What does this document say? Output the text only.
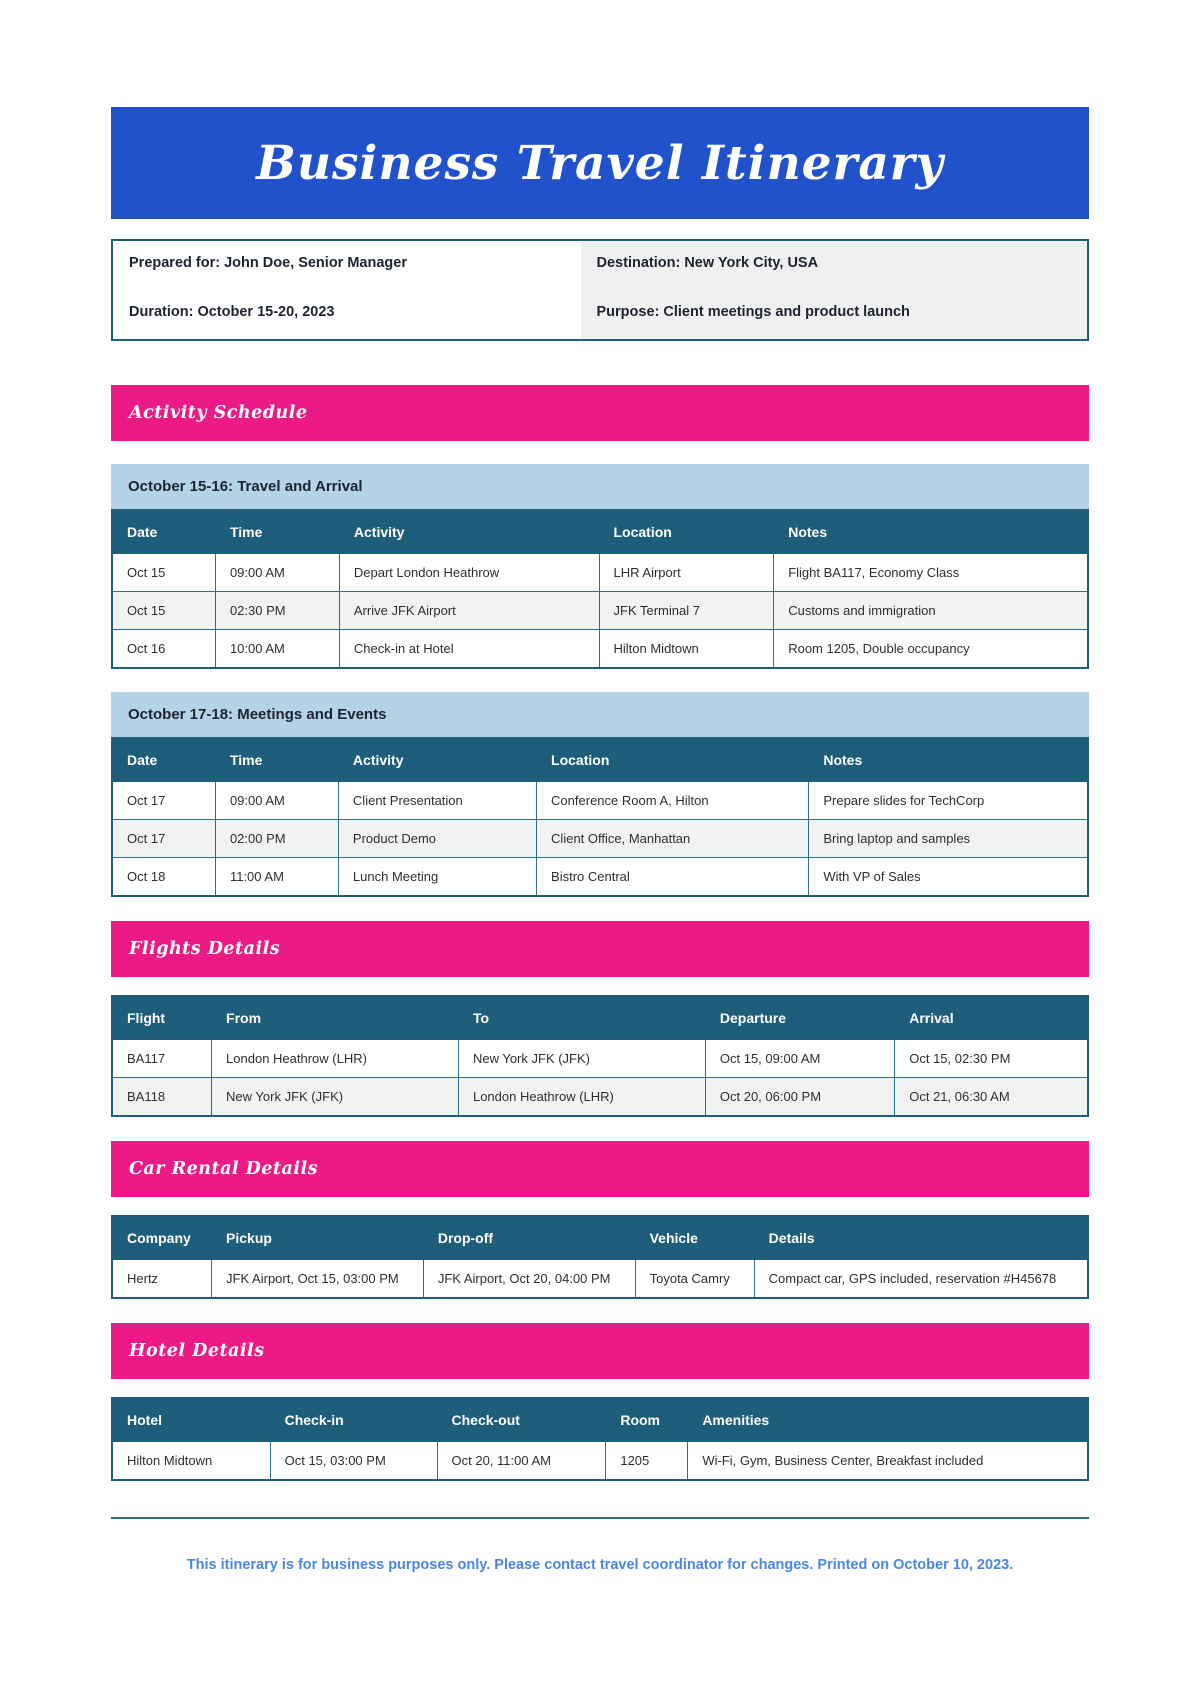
Business Travel Itinerary
Prepared for: John Doe, Senior Manager	Destination: New York City, USA
Duration: October 15-20, 2023	Purpose: Client meetings and product launch
Activity Schedule
October 15-16: Travel and Arrival
Date	Time	Activity	Location	Notes
Oct 15	09:00 AM	Depart London Heathrow	LHR Airport	Flight BA117, Economy Class
Oct 15	02:30 PM	Arrive JFK Airport	JFK Terminal 7	Customs and immigration
Oct 16	10:00 AM	Check-in at Hotel	Hilton Midtown	Room 1205, Double occupancy
October 17-18: Meetings and Events
Date	Time	Activity	Location	Notes
Oct 17	09:00 AM	Client Presentation	Conference Room A, Hilton	Prepare slides for TechCorp
Oct 17	02:00 PM	Product Demo	Client Office, Manhattan	Bring laptop and samples
Oct 18	11:00 AM	Lunch Meeting	Bistro Central	With VP of Sales
Flights Details
Flight	From	To	Departure	Arrival
BA117	London Heathrow (LHR)	New York JFK (JFK)	Oct 15, 09:00 AM	Oct 15, 02:30 PM
BA118	New York JFK (JFK)	London Heathrow (LHR)	Oct 20, 06:00 PM	Oct 21, 06:30 AM
Car Rental Details
Company	Pickup	Drop-off	Vehicle	Details
Hertz	JFK Airport, Oct 15, 03:00 PM	JFK Airport, Oct 20, 04:00 PM	Toyota Camry	Compact car, GPS included, reservation #H45678
Hotel Details
Hotel	Check-in	Check-out	Room	Amenities
Hilton Midtown	Oct 15, 03:00 PM	Oct 20, 11:00 AM	1205	Wi-Fi, Gym, Business Center, Breakfast included
This itinerary is for business purposes only. Please contact travel coordinator for changes. Printed on October 10, 2023.
